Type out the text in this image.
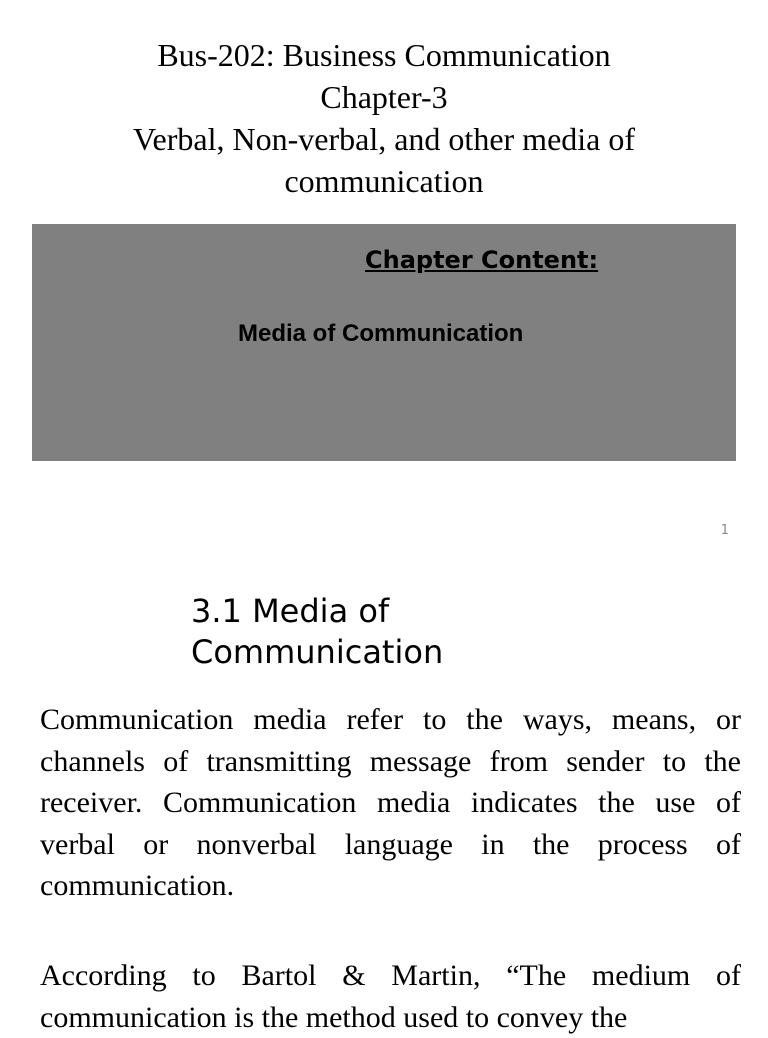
Bus-202: Business Communication
Chapter-3
Verbal, Non-verbal, and other media of
communication
Chapter Content:
Media of Communication
1
3.1 Media of Communication

Communication media refer to the ways, means, or channels of transmitting message from sender to the receiver. Communication media indicates the use of verbal or nonverbal language in the process of communication.

According to Bartol & Martin, “The medium of communication is the method used to convey the
